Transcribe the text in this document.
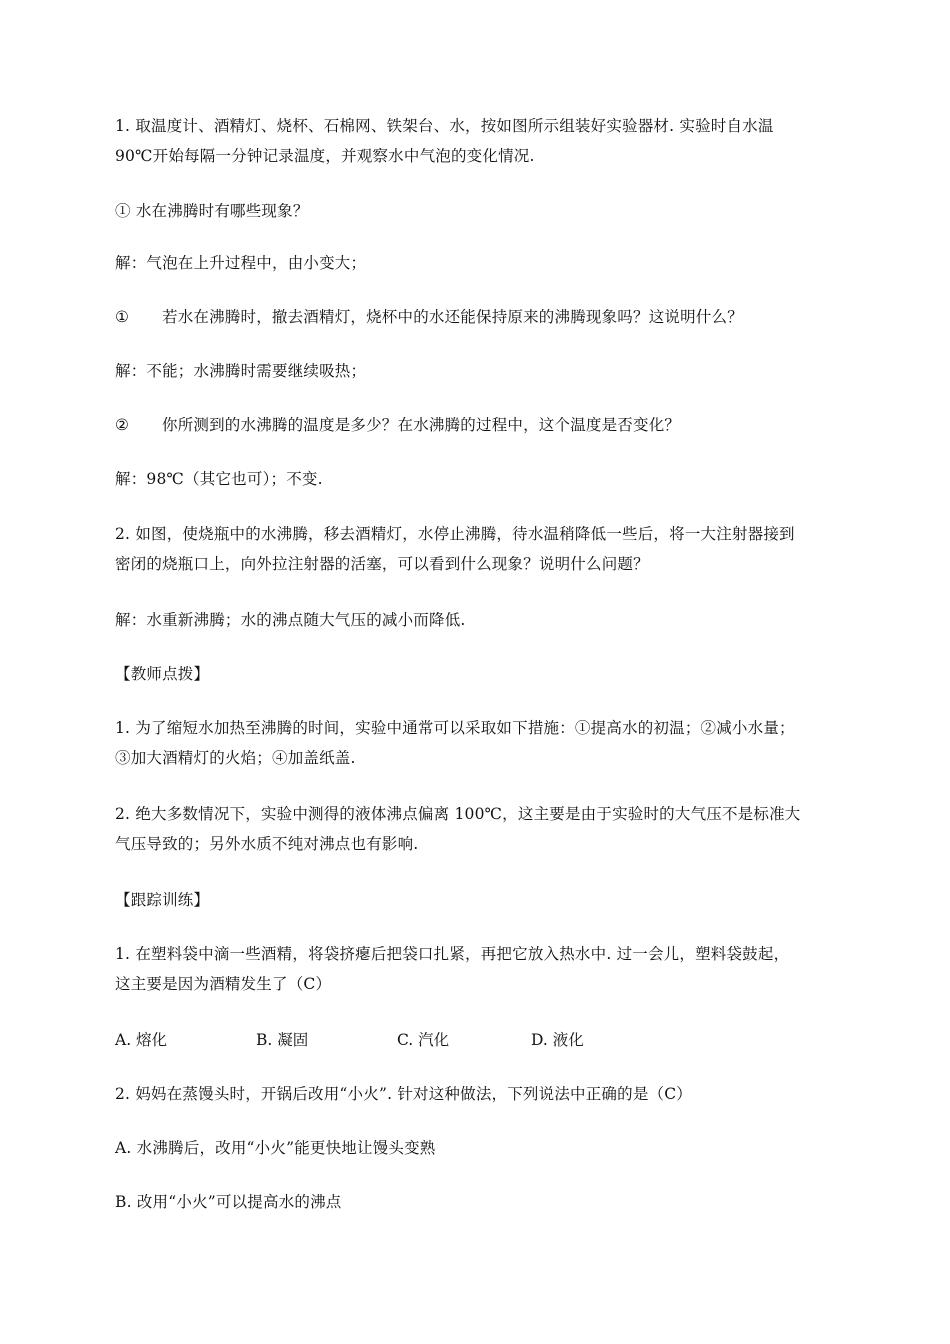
1. 取温度计、酒精灯、烧杯、石棉网、铁架台、水，按如图所示组装好实验器材. 实验时自水温
90℃开始每隔一分钟记录温度，并观察水中气泡的变化情况.
① 水在沸腾时有哪些现象？
解：气泡在上升过程中，由小变大；
① 若水在沸腾时，撤去酒精灯，烧杯中的水还能保持原来的沸腾现象吗？这说明什么？
解：不能；水沸腾时需要继续吸热；
② 你所测到的水沸腾的温度是多少？在水沸腾的过程中，这个温度是否变化？
解：98℃（其它也可）；不变.
2. 如图，使烧瓶中的水沸腾，移去酒精灯，水停止沸腾，待水温稍降低一些后，将一大注射器接到
密闭的烧瓶口上，向外拉注射器的活塞，可以看到什么现象？说明什么问题？
解：水重新沸腾；水的沸点随大气压的减小而降低.
【教师点拨】
1. 为了缩短水加热至沸腾的时间，实验中通常可以采取如下措施：①提高水的初温；②减小水量；
③加大酒精灯的火焰；④加盖纸盖.
2. 绝大多数情况下，实验中测得的液体沸点偏离 100℃，这主要是由于实验时的大气压不是标准大
气压导致的；另外水质不纯对沸点也有影响.
【跟踪训练】
1. 在塑料袋中滴一些酒精，将袋挤瘪后把袋口扎紧，再把它放入热水中. 过一会儿，塑料袋鼓起，
这主要是因为酒精发生了（C）
A. 熔化	B. 凝固	C. 汽化	D. 液化
2. 妈妈在蒸馒头时，开锅后改用“小火”. 针对这种做法，下列说法中正确的是（C）
A. 水沸腾后，改用“小火”能更快地让馒头变熟
B. 改用“小火”可以提高水的沸点
